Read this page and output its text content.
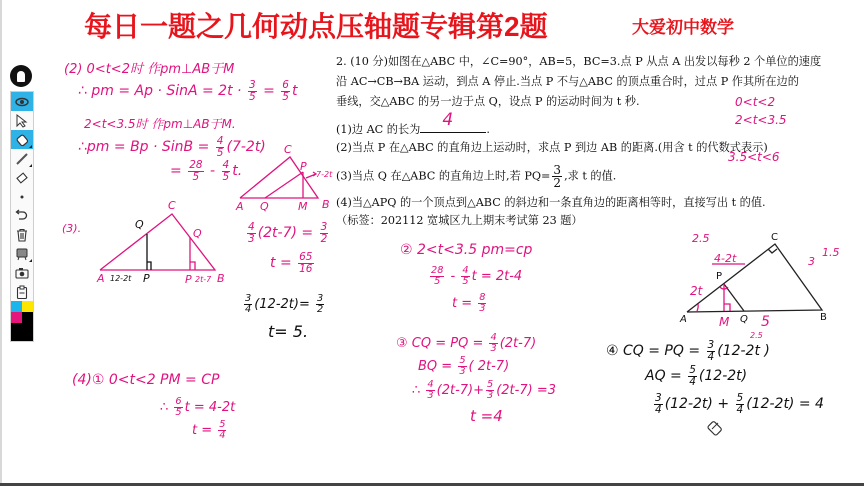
每日一题之几何动点压轴题专辑第2题	大爱初中数学
2. (10 分)如图在△ABC 中，∠C=90°，AB=5，BC=3.点 P 从点 A 出发以每秒 2 个单位的速度
沿 AC→CB→BA 运动，到点 A 停止.当点 P 不与△ABC 的顶点重合时，过点 P 作其所在边的
垂线，交△ABC 的另一边于点 Q，设点 P 的运动时间为 t 秒.
(1)边 AC 的长为 4	.
(2)当点 P 在△ABC 的直角边上运动时，求点 P 到边 AB 的距离.(用含 t 的代数式表示)
(3)当点 Q 在△ABC 的直角边上时,若 $PQ= \frac{3}{2}$ ,求 t 的值.
(4)当△APQ 的一个顶点到△ABC 的斜边和一条直角边的距离相等时，直接写出 t 的值.
（标签：202112 宽城区九上期末考试第 23 题）
0<t<2
2<t<3.5
3.5<t<6
(2) 0<t<2时 作pm⊥AB于M
∴ pm = Ap · SinA = $2t \cdot \frac{3}{5} = \frac{6}{5}$ t
2<t<3.5时 作pm⊥AB于M.
∴pm = Bp · SinB = $\frac{4}{5} (7-2t)$
= $\frac{28}{5} - \frac{4}{5} t$.
A Q	M B
C
P
7-2t
(3).
C
Q
Q
A 12-2t P	P 2t-7 B
$\frac{4}{3} (2t-7) = \frac{3}{2}$
$t = \frac{65}{16}$
$\frac{3}{4} (12-2t)= \frac{3}{2}$
t= 5.
(4)① 0<t<2 PM = CP
∴ $\frac{6}{5}$ t = 4-2t
$t = \frac{5}{4}$
② 2<t<3.5 pm=cp
$\frac{28}{5} - \frac{4}{5}$ t = 2t-4
$t = \frac{8}{3}$
③ CQ = PQ = $\frac{4}{3} (2t-7)$
BQ = $\frac{5}{3}$ ( 2t-7)
∴ $\frac{4}{3} (2t-7)+ \frac{5}{3} (2t-7) =3$
t =4
C
P
A	M Q	B
2.5
4-2t
2t
3
1.5
5
④ CQ = PQ = $\frac{3}{4} (12-2t$ )
2.5
AQ = $\frac{5}{4} (12-2t)$
$\frac{3}{4} (12-2t) + \frac{5}{4} (12-2t) = 4$
